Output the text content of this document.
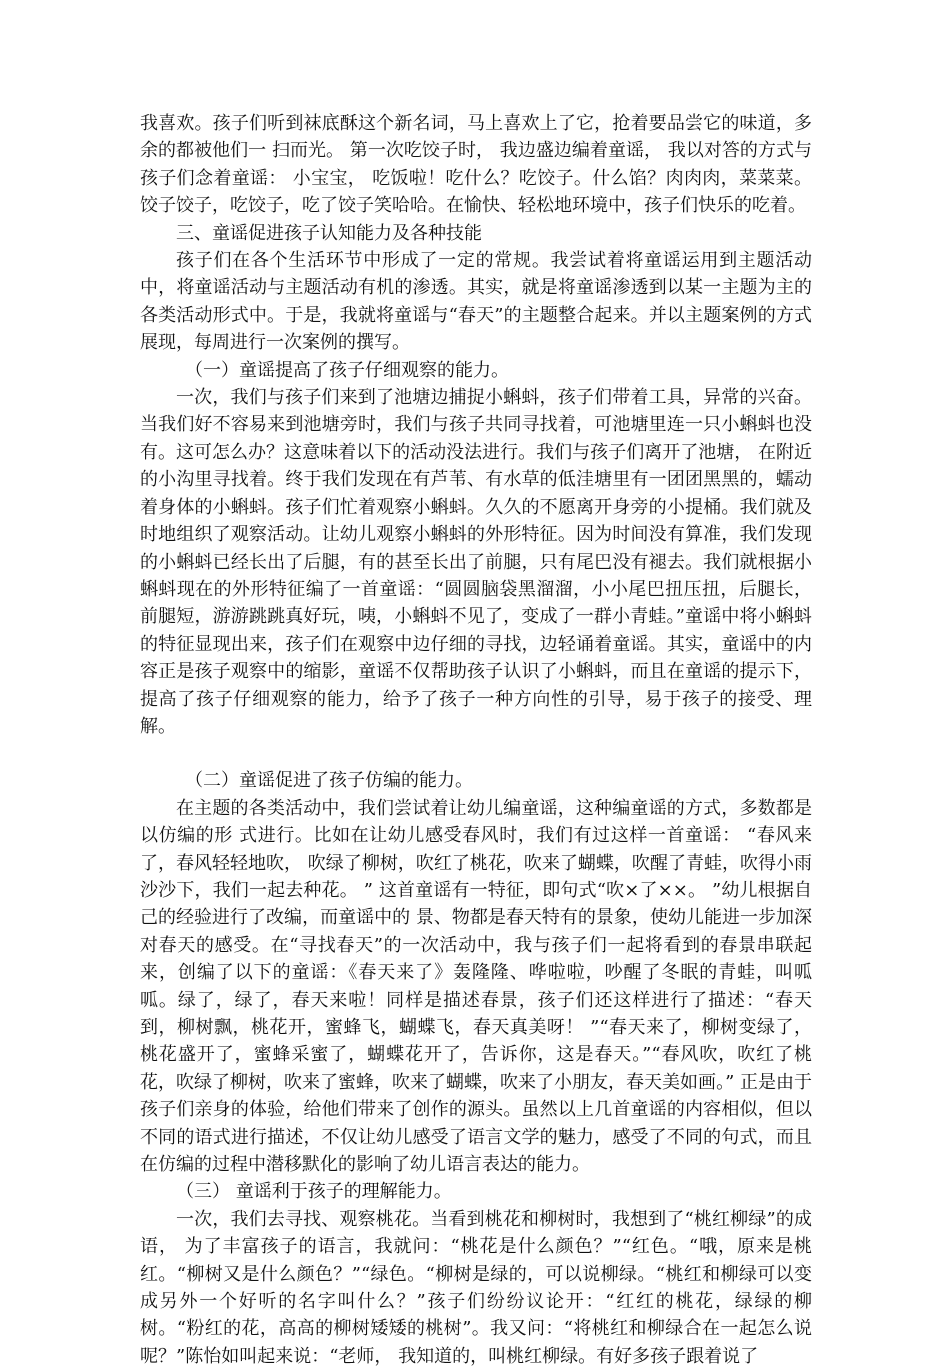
我喜欢。孩子们听到袜底酥这个新名词，马上喜欢上了它，抢着要品尝它的味道，多余的都被他们一 扫而光。 第一次吃饺子时， 我边盛边编着童谣， 我以对答的方式与孩子们念着童谣： 小宝宝， 吃饭啦！吃什么？吃饺子。什么馅？肉肉肉，菜菜菜。饺子饺子，吃饺子，吃了饺子笑哈哈。在愉快、轻松地环境中，孩子们快乐的吃着。

三、童谣促进孩子认知能力及各种技能

孩子们在各个生活环节中形成了一定的常规。我尝试着将童谣运用到主题活动中，将童谣活动与主题活动有机的渗透。其实，就是将童谣渗透到以某一主题为主的各类活动形式中。于是，我就将童谣与“春天”的主题整合起来。并以主题案例的方式展现，每周进行一次案例的撰写。

（一）童谣提高了孩子仔细观察的能力。

一次，我们与孩子们来到了池塘边捕捉小蝌蚪，孩子们带着工具，异常的兴奋。当我们好不容易来到池塘旁时，我们与孩子共同寻找着，可池塘里连一只小蝌蚪也没有。这可怎么办？这意味着以下的活动没法进行。我们与孩子们离开了池塘， 在附近的小沟里寻找着。终于我们发现在有芦苇、有水草的低洼塘里有一团团黑黑的，蠕动着身体的小蝌蚪。孩子们忙着观察小蝌蚪。久久的不愿离开身旁的小提桶。我们就及时地组织了观察活动。让幼儿观察小蝌蚪的外形特征。因为时间没有算准，我们发现的小蝌蚪已经长出了后腿，有的甚至长出了前腿，只有尾巴没有褪去。我们就根据小蝌蚪现在的外形特征编了一首童谣：“圆圆脑袋黑溜溜，小小尾巴扭压扭，后腿长，前腿短，游游跳跳真好玩，咦，小蝌蚪不见了，变成了一群小青蛙。”童谣中将小蝌蚪的特征显现出来，孩子们在观察中边仔细的寻找，边轻诵着童谣。其实，童谣中的内容正是孩子观察中的缩影，童谣不仅帮助孩子认识了小蝌蚪，而且在童谣的提示下，提高了孩子仔细观察的能力，给予了孩子一种方向性的引导，易于孩子的接受、理解。

（二）童谣促进了孩子仿编的能力。

在主题的各类活动中，我们尝试着让幼儿编童谣，这种编童谣的方式，多数都是以仿编的形 式进行。比如在让幼儿感受春风时，我们有过这样一首童谣： “春风来了，春风轻轻地吹， 吹绿了柳树，吹红了桃花，吹来了蝴蝶，吹醒了青蛙，吹得小雨沙沙下，我们一起去种花。 ” 这首童谣有一特征，即句式“吹×了××。 ”幼儿根据自己的经验进行了改编，而童谣中的 景、物都是春天特有的景象，使幼儿能进一步加深对春天的感受。在“寻找春天”的一次活动中，我与孩子们一起将看到的春景串联起来，创编了以下的童谣：《春天来了》轰隆隆、哗啦啦，吵醒了冬眠的青蛙，叫呱呱。绿了，绿了，春天来啦！同样是描述春景，孩子们还这样进行了描述：“春天到，柳树飘，桃花开，蜜蜂飞，蝴蝶飞，春天真美呀！ ”“春天来了，柳树变绿了，桃花盛开了，蜜蜂采蜜了，蝴蝶花开了，告诉你，这是春天。”“春风吹，吹红了桃花，吹绿了柳树，吹来了蜜蜂，吹来了蝴蝶，吹来了小朋友，春天美如画。” 正是由于孩子们亲身的体验，给他们带来了创作的源头。虽然以上几首童谣的内容相似，但以不同的语式进行描述，不仅让幼儿感受了语言文学的魅力，感受了不同的句式，而且在仿编的过程中潜移默化的影响了幼儿语言表达的能力。

（三） 童谣利于孩子的理解能力。

一次，我们去寻找、观察桃花。当看到桃花和柳树时，我想到了“桃红柳绿”的成语， 为了丰富孩子的语言，我就问：“桃花是什么颜色？”“红色。“哦，原来是桃红。“柳树又是什么颜色？”“绿色。“柳树是绿的，可以说柳绿。“桃红和柳绿可以变成另外一个好听的名字叫什么？”孩子们纷纷议论开：“红红的桃花，绿绿的柳树。“粉红的花，高高的柳树矮矮的桃树”。我又问：“将桃红和柳绿合在一起怎么说呢？”陈怡如叫起来说：“老师， 我知道的，叫桃红柳绿。有好多孩子跟着说了
